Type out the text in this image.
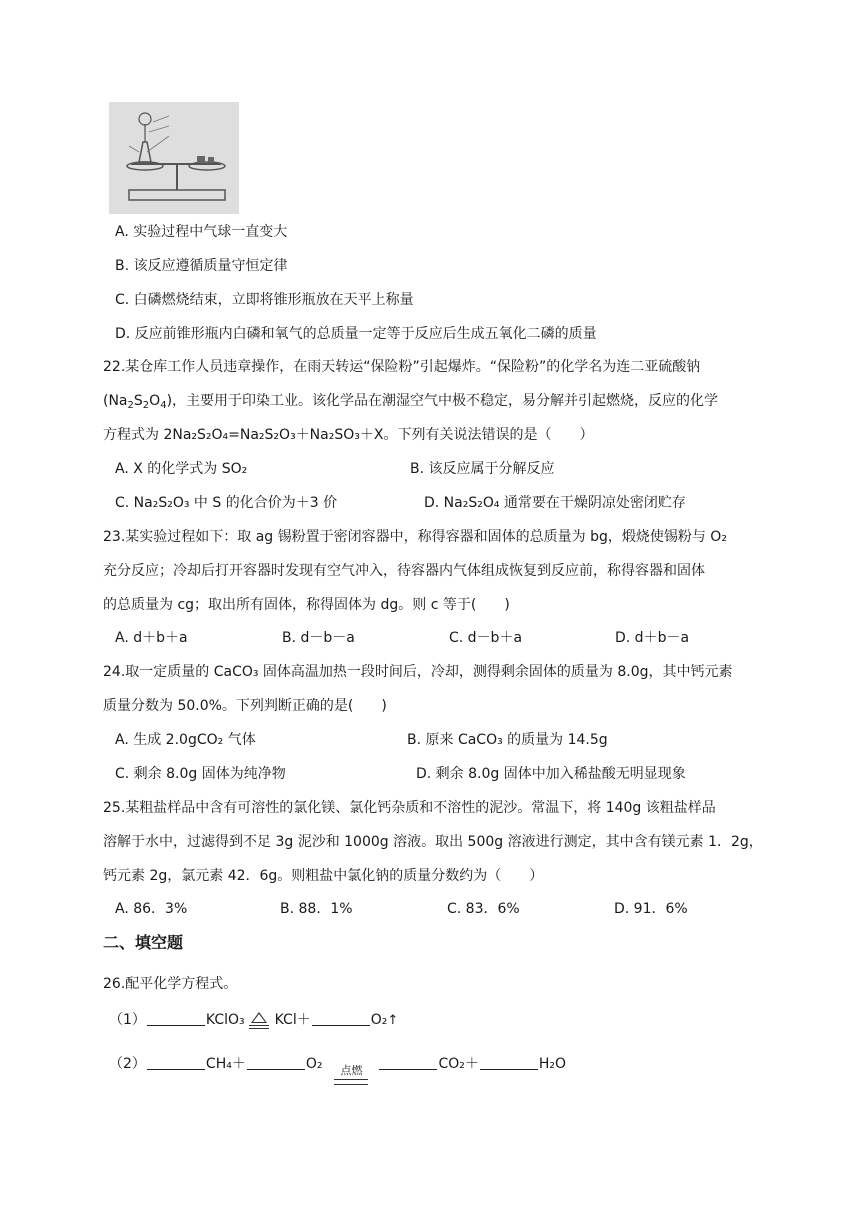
A. 实验过程中气球一直变大
B. 该反应遵循质量守恒定律
C. 白磷燃烧结束，立即将锥形瓶放在天平上称量
D. 反应前锥形瓶内白磷和氧气的总质量一定等于反应后生成五氧化二磷的质量
22.某仓库工作人员违章操作，在雨天转运“保险粉”引起爆炸。“保险粉”的化学名为连二亚硫酸钠
$(Na_2S_2O_4)$，主要用于印染工业。该化学品在潮湿空气中极不稳定，易分解并引起燃烧，反应的化学
方程式为 2Na₂S₂O₄=Na₂S₂O₃＋Na₂SO₃＋X。下列有关说法错误的是（　　）
A. X 的化学式为 SO₂	B. 该反应属于分解反应
C. Na₂S₂O₃ 中 S 的化合价为＋3 价	D. Na₂S₂O₄ 通常要在干燥阴凉处密闭贮存
23.某实验过程如下：取 ag 锡粉置于密闭容器中，称得容器和固体的总质量为 bg，煅烧使锡粉与 O₂
充分反应；冷却后打开容器时发现有空气冲入，待容器内气体组成恢复到反应前，称得容器和固体
的总质量为 cg；取出所有固体，称得固体为 dg。则 c 等于(　　)
A. d＋b＋a	B. d－b－a	C. d－b＋a	D. d＋b－a
24.取一定质量的 CaCO₃ 固体高温加热一段时间后，冷却，测得剩余固体的质量为 8.0g，其中钙元素
质量分数为 50.0%。下列判断正确的是(　　)
A. 生成 2.0gCO₂ 气体	B. 原来 CaCO₃ 的质量为 14.5g
C. 剩余 8.0g 固体为纯净物	D. 剩余 8.0g 固体中加入稀盐酸无明显现象
25.某粗盐样品中含有可溶性的氯化镁、氯化钙杂质和不溶性的泥沙。常温下，将 140g 该粗盐样品
溶解于水中，过滤得到不足 3g 泥沙和 1000g 溶液。取出 500g 溶液进行测定，其中含有镁元素 1．2g，
钙元素 2g，氯元素 42．6g。则粗盐中氯化钠的质量分数约为（　　）
A. 86．3%	B. 88．1%	C. 83．6%	D. 91．6%
二、填空题
26.配平化学方程式。
（1）	KClO₃ KCl＋	O₂↑
（2）	CH₄＋	O₂ 点燃	CO₂＋	H₂O
